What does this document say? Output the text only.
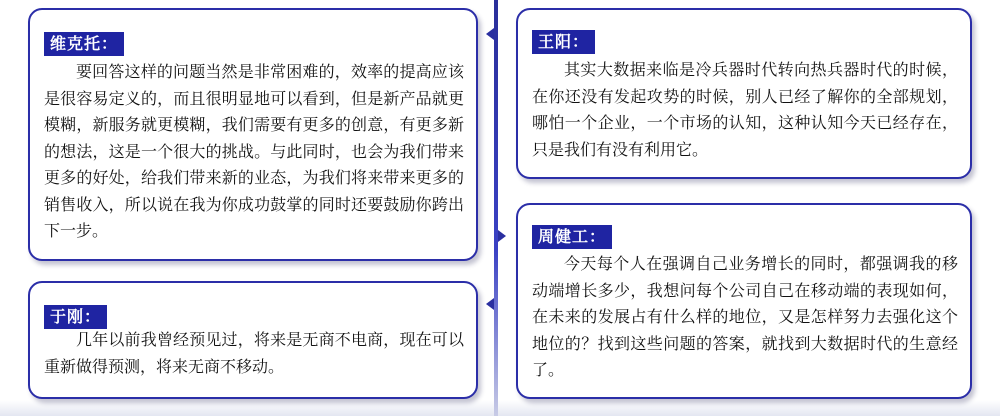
维克托：

要回答这样的问题当然是非常困难的，效率的提高应该是很容易定义的，而且很明显地可以看到，但是新产品就更模糊，新服务就更模糊，我们需要有更多的创意，有更多新的想法，这是一个很大的挑战。与此同时，也会为我们带来更多的好处，给我们带来新的业态，为我们将来带来更多的销售收入，所以说在我为你成功鼓掌的同时还要鼓励你跨出下一步。

于刚：

几年以前我曾经预见过，将来是无商不电商，现在可以重新做得预测，将来无商不移动。

王阳：

其实大数据来临是冷兵器时代转向热兵器时代的时候，在你还没有发起攻势的时候，别人已经了解你的全部规划，哪怕一个企业，一个市场的认知，这种认知今天已经存在，只是我们有没有利用它。

周健工：

今天每个人在强调自己业务增长的同时，都强调我的移动端增长多少，我想问每个公司自己在移动端的表现如何，在未来的发展占有什么样的地位，又是怎样努力去强化这个地位的？找到这些问题的答案，就找到大数据时代的生意经了。
